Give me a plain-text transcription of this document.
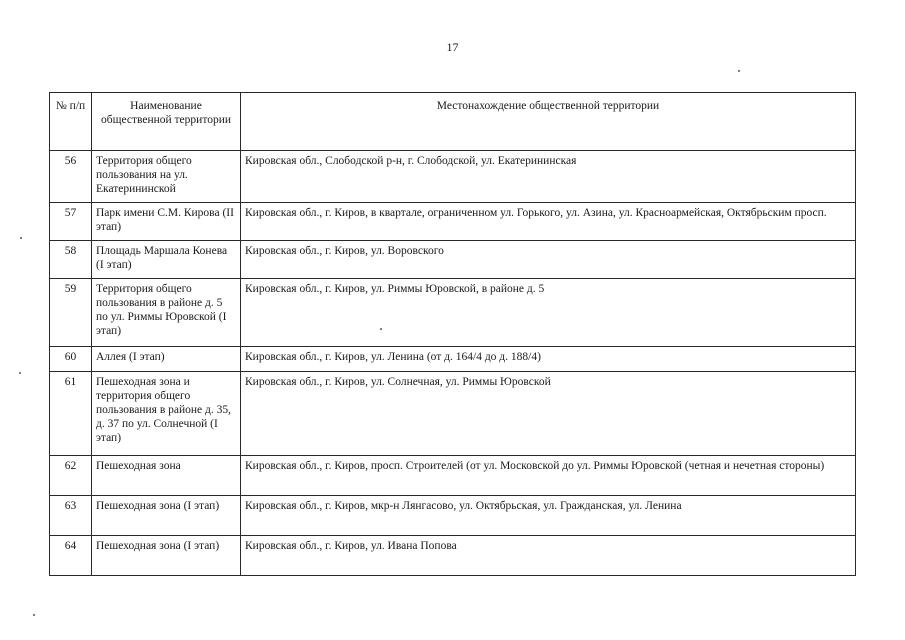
17
№ п/п	Наименование общественной территории	Местонахождение общественной территории
56	Территория общего пользования на ул. Екатерининской	Кировская обл., Слободской р-н, г. Слободской, ул. Екатерининская
57	Парк имени С.М. Кирова (II этап)	Кировская обл., г. Киров, в квартале, ограниченном ул. Горького, ул. Азина, ул. Красноармейская, Октябрьским просп.
58	Площадь Маршала Конева (I этап)	Кировская обл., г. Киров, ул. Воровского
59	Территория общего пользования в районе д. 5 по ул. Риммы Юровской (I этап)	Кировская обл., г. Киров, ул. Риммы Юровской, в районе д. 5
60	Аллея (I этап)	Кировская обл., г. Киров, ул. Ленина (от д. 164/4 до д. 188/4)
61	Пешеходная зона и территория общего пользования в районе д. 35, д. 37 по ул. Солнечной (I этап)	Кировская обл., г. Киров, ул. Солнечная, ул. Риммы Юровской
62	Пешеходная зона	Кировская обл., г. Киров, просп. Строителей (от ул. Московской до ул. Риммы Юровской (четная и нечетная стороны)
63	Пешеходная зона (I этап)	Кировская обл., г. Киров, мкр-н Лянгасово, ул. Октябрьская, ул. Гражданская, ул. Ленина
64	Пешеходная зона (I этап)	Кировская обл., г. Киров, ул. Ивана Попова
